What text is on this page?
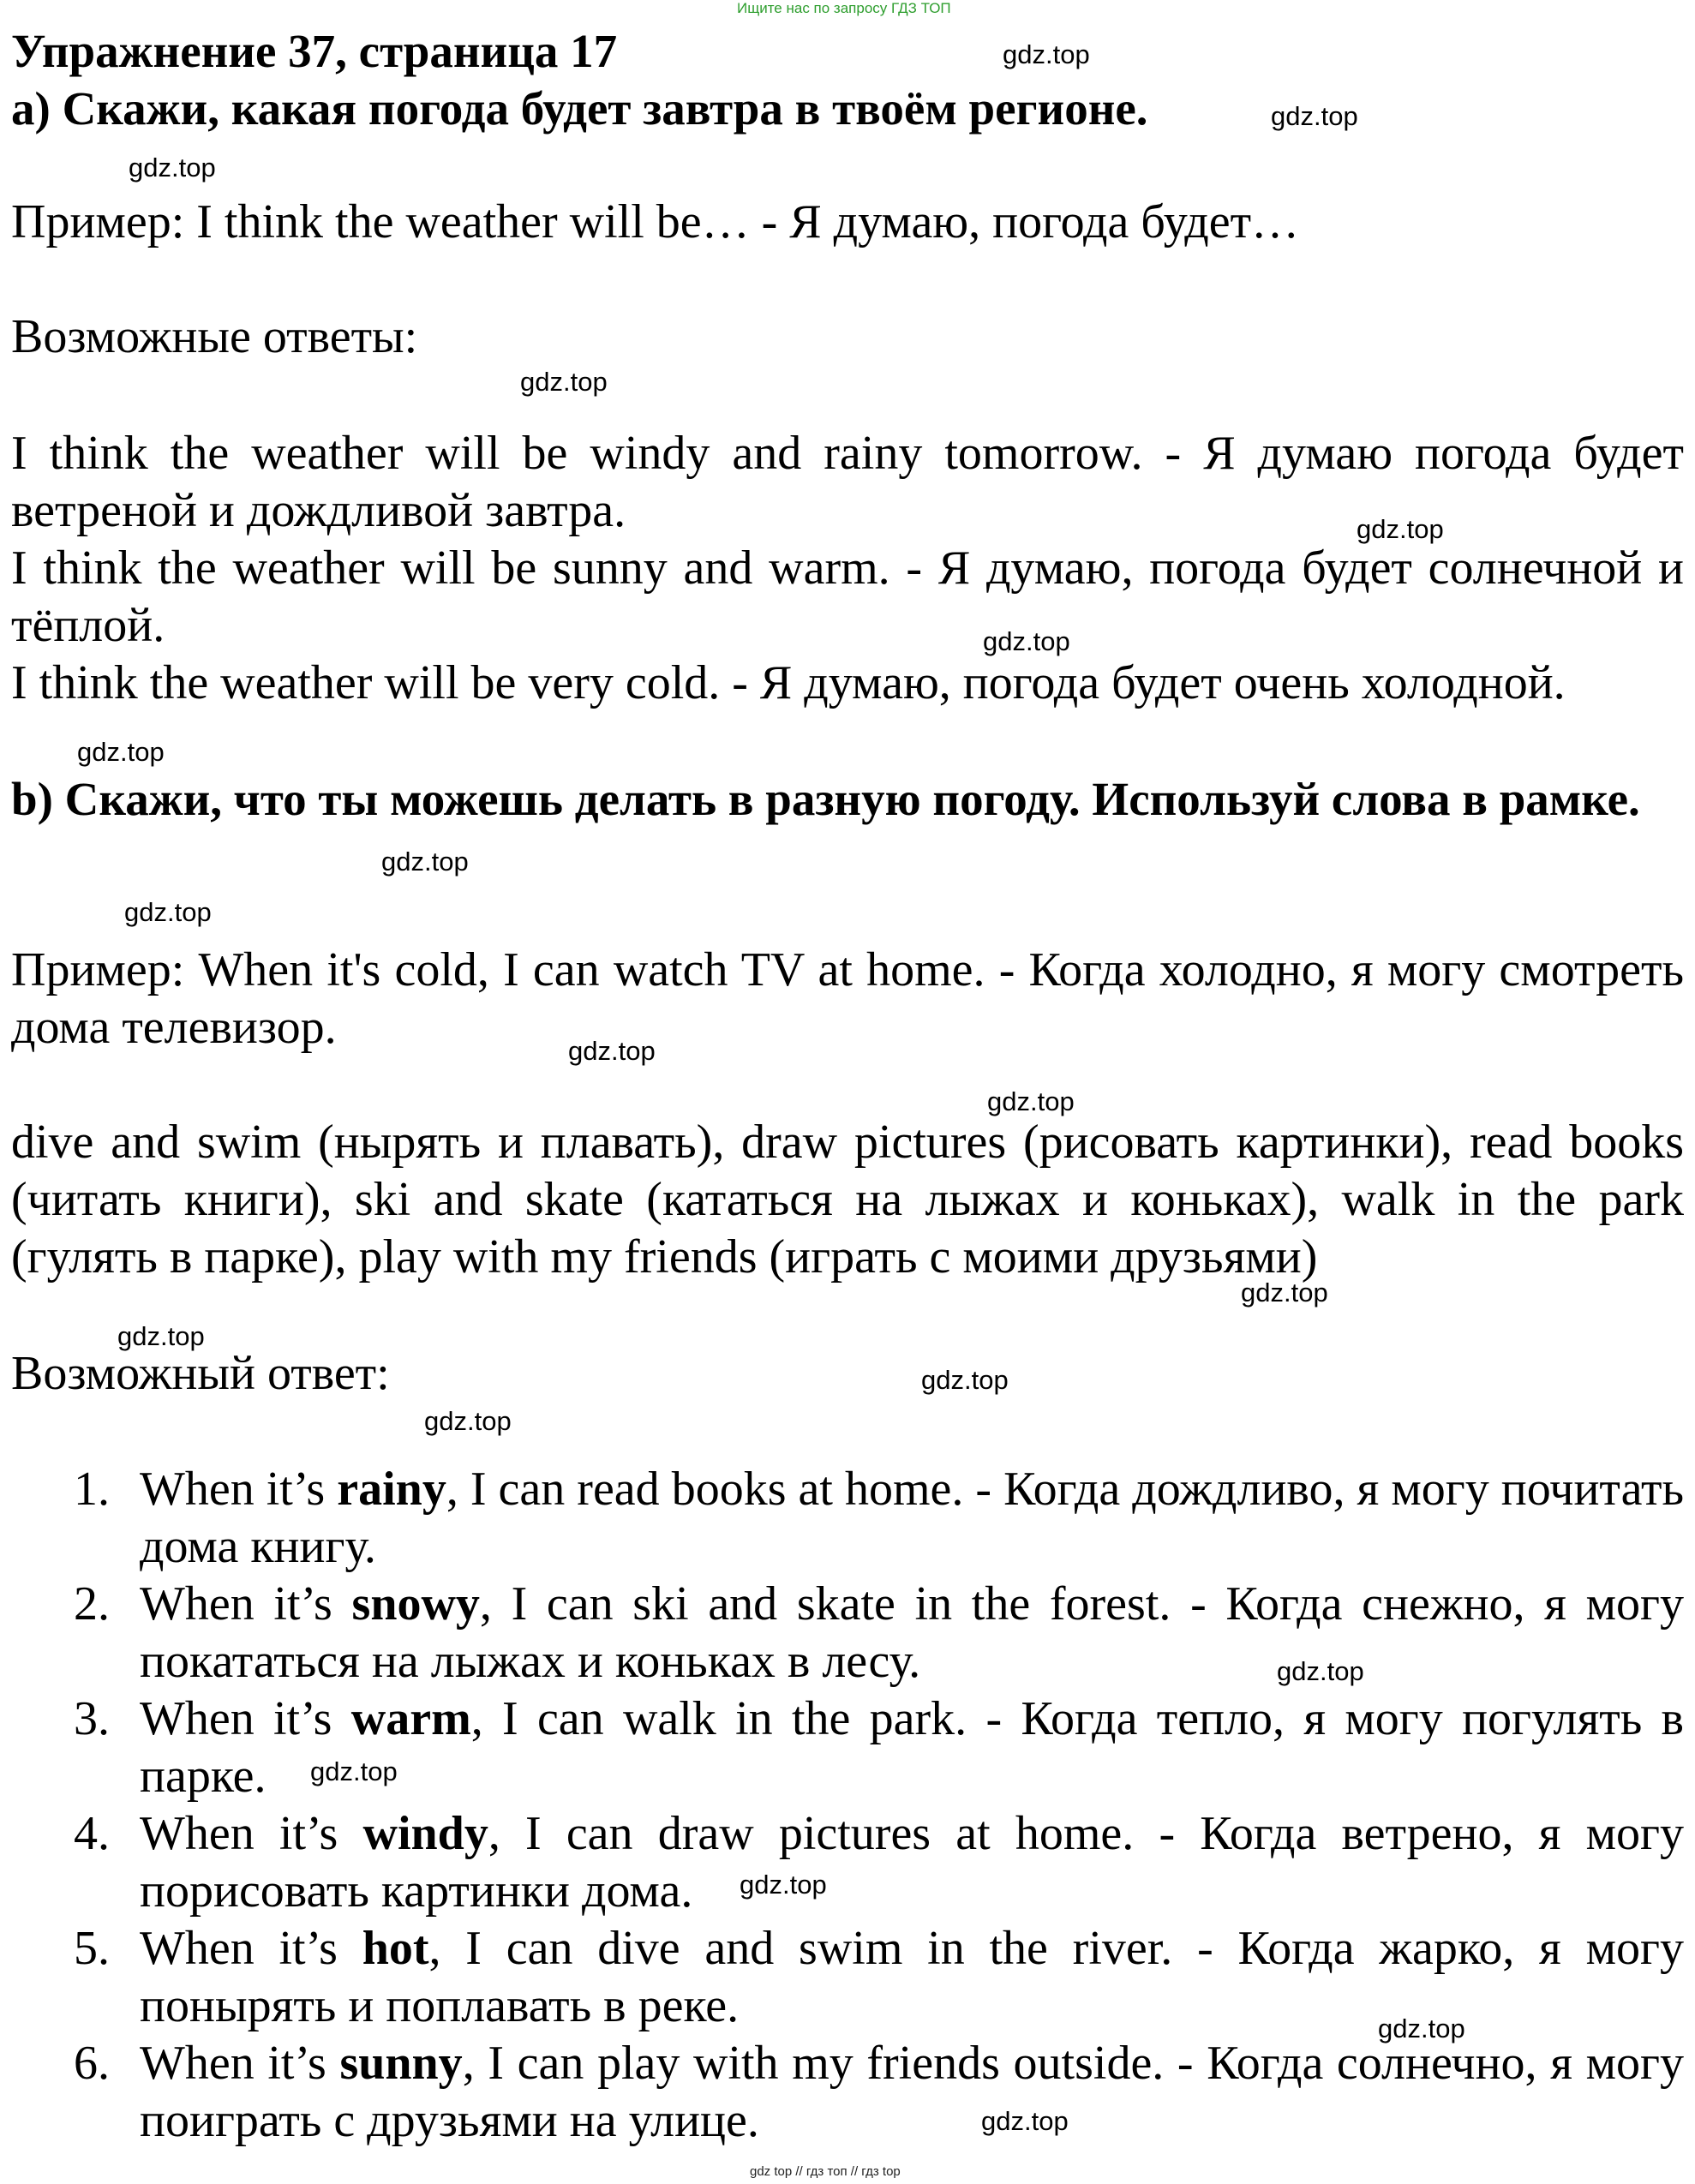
Ищите нас по запросу ГДЗ ТОП
Упражнение 37, страница 17
a) Скажи, какая погода будет завтра в твоём регионе.
Пример: I think the weather will be… - Я думаю, погода будет…
Возможные ответы:
I think the weather will be windy and rainy tomorrow. - Я думаю погода будет ветреной и дождливой завтра.
I think the weather will be sunny and warm. - Я думаю, погода будет солнечной и тёплой.
I think the weather will be very cold. - Я думаю, погода будет очень холодной.
b) Скажи, что ты можешь делать в разную погоду. Используй слова в рамке.
Пример: When it's cold, I can watch TV at home. - Когда холодно, я могу смотреть дома телевизор.
dive and swim (нырять и плавать), draw pictures (рисовать картинки), read books (читать книги), ski and skate (кататься на лыжах и коньках), walk in the park (гулять в парке), play with my friends (играть с моими друзьями)
Возможный ответ:
1. When it’s rainy, I can read books at home. - Когда дождливо, я могу почитать дома книгу.
2. When it’s snowy, I can ski and skate in the forest. - Когда снежно, я могу покататься на лыжах и коньках в лесу.
3. When it’s warm, I can walk in the park. - Когда тепло, я могу погулять в парке.
4. When it’s windy, I can draw pictures at home. - Когда ветрено, я могу порисовать картинки дома.
5. When it’s hot, I can dive and swim in the river. - Когда жарко, я могу понырять и поплавать в реке.
6. When it’s sunny, I can play with my friends outside. - Когда солнечно, я могу поиграть с друзьями на улице.
gdz.top
gdz.top
gdz.top
gdz.top
gdz.top
gdz.top
gdz.top
gdz.top
gdz.top
gdz.top
gdz.top
gdz.top
gdz.top
gdz.top
gdz.top
gdz.top
gdz.top
gdz.top
gdz.top
gdz.top
gdz top // гдз топ // гдз top
